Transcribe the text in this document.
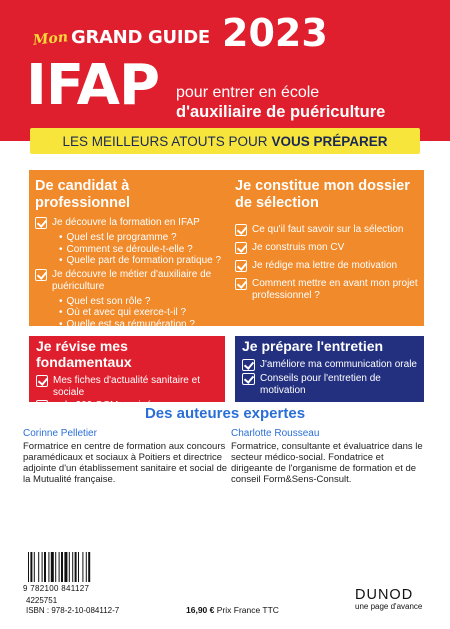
Mon GRAND GUIDE 2023
IFAP pour entrer en école
d'auxiliaire de puériculture
LES MEILLEURS ATOUTS POUR VOUS PRÉPARER
De candidat à professionnel
Je découvre la formation en IFAP
• Quel est le programme ?
• Comment se déroule-t-elle ?
• Quelle part de formation pratique ?
Je découvre le métier d'auxiliaire de puériculture
• Quel est son rôle ?
• Où et avec qui exerce-t-il ?
• Quelle est sa rémunération ?
Je constitue mon dossier
de sélection
Ce qu'il faut savoir sur la sélection
Je construis mon CV
Je rédige ma lettre de motivation
Comment mettre en avant mon projet professionnel ?
Je révise mes fondamentaux
Mes fiches d'actualité sanitaire et sociale
+ de 200 QCM corrigés
Je prépare l'entretien
J'améliore ma communication orale
Conseils pour l'entretien de motivation
Des auteures expertes
Corinne Pelletier
Formatrice en centre de formation aux concours paramédicaux et sociaux à Poitiers et directrice adjointe d'un établissement sanitaire et social de la Mutualité française.
Charlotte Rousseau
Formatrice, consultante et évaluatrice dans le secteur médico-social. Fondatrice et dirigeante de l'organisme de formation et de conseil Form&Sens-Consult.
9 782100 841127
4225751
ISBN : 978-2-10-084112-7	16,90 € Prix France TTC
DUNOD
une page d'avance
